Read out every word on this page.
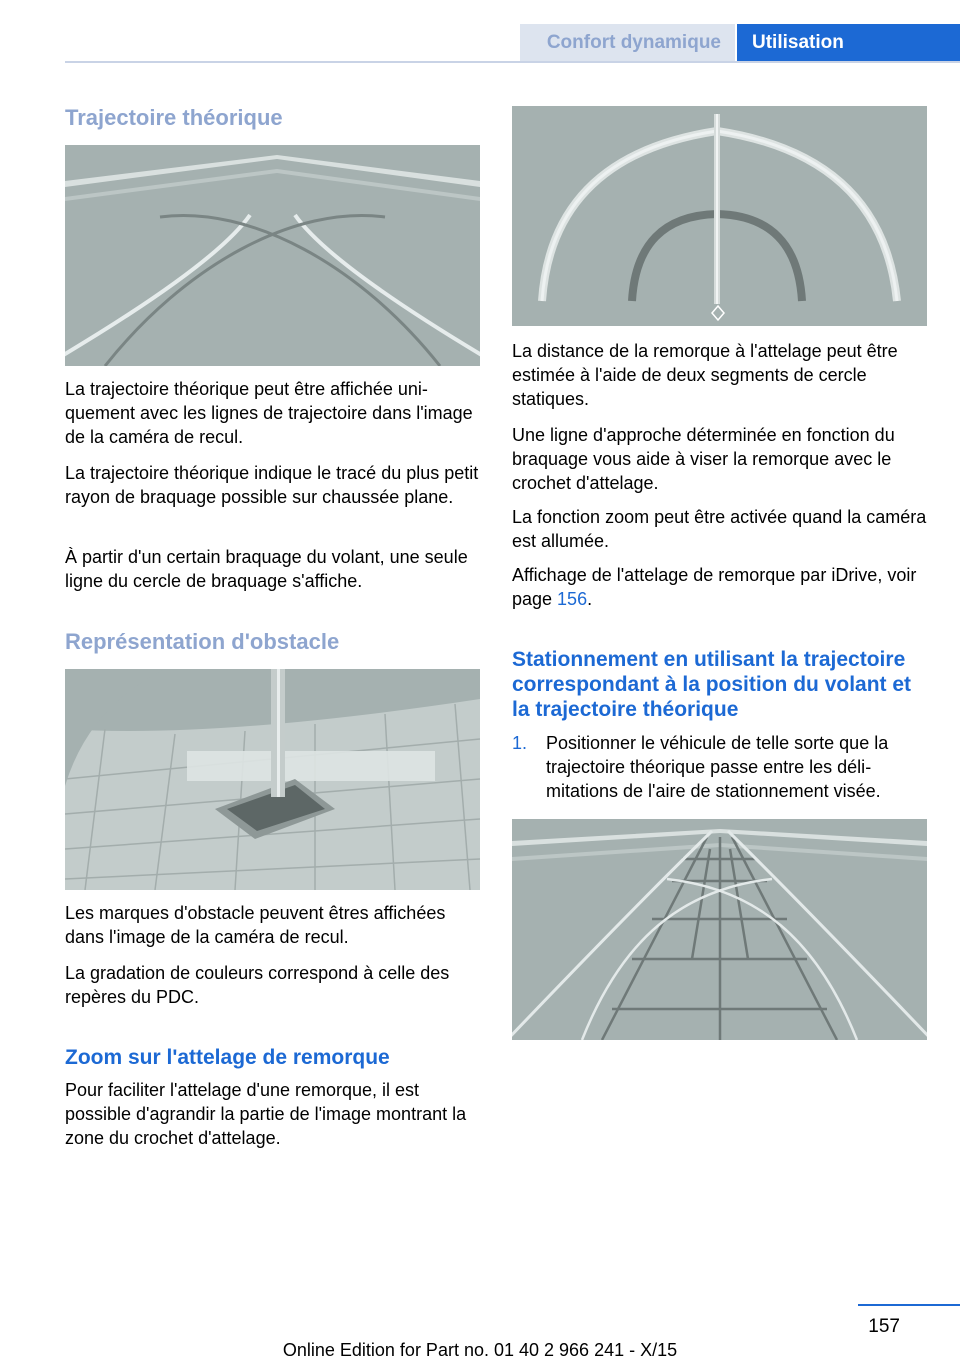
Confort dynamique Utilisation
Trajectoire théorique

La trajectoire théorique peut être affichée uniquement avec les lignes de trajectoire dans l'image de la caméra de recul.

La trajectoire théorique indique le tracé du plus petit rayon de braquage possible sur chaussée plane.

À partir d'un certain braquage du volant, une seule ligne du cercle de braquage s'affiche.

Représentation d'obstacle

Les marques d'obstacle peuvent êtres affichées dans l'image de la caméra de recul.

La gradation de couleurs correspond à celle des repères du PDC.

Zoom sur l'attelage de remorque

Pour faciliter l'attelage d'une remorque, il est possible d'agrandir la partie de l'image montrant la zone du crochet d'attelage.

La distance de la remorque à l'attelage peut être estimée à l'aide de deux segments de cercle statiques.

Une ligne d'approche déterminée en fonction du braquage vous aide à viser la remorque avec le crochet d'attelage.

La fonction zoom peut être activée quand la caméra est allumée.

Affichage de l'attelage de remorque par iDrive, voir page 156.

Stationnement en utilisant la trajectoire correspondant à la position du volant et la trajectoire théorique
1. Positionner le véhicule de telle sorte que la trajectoire théorique passe entre les délimitations de l'aire de stationnement visée.
157
Online Edition for Part no. 01 40 2 966 241 - X/15
